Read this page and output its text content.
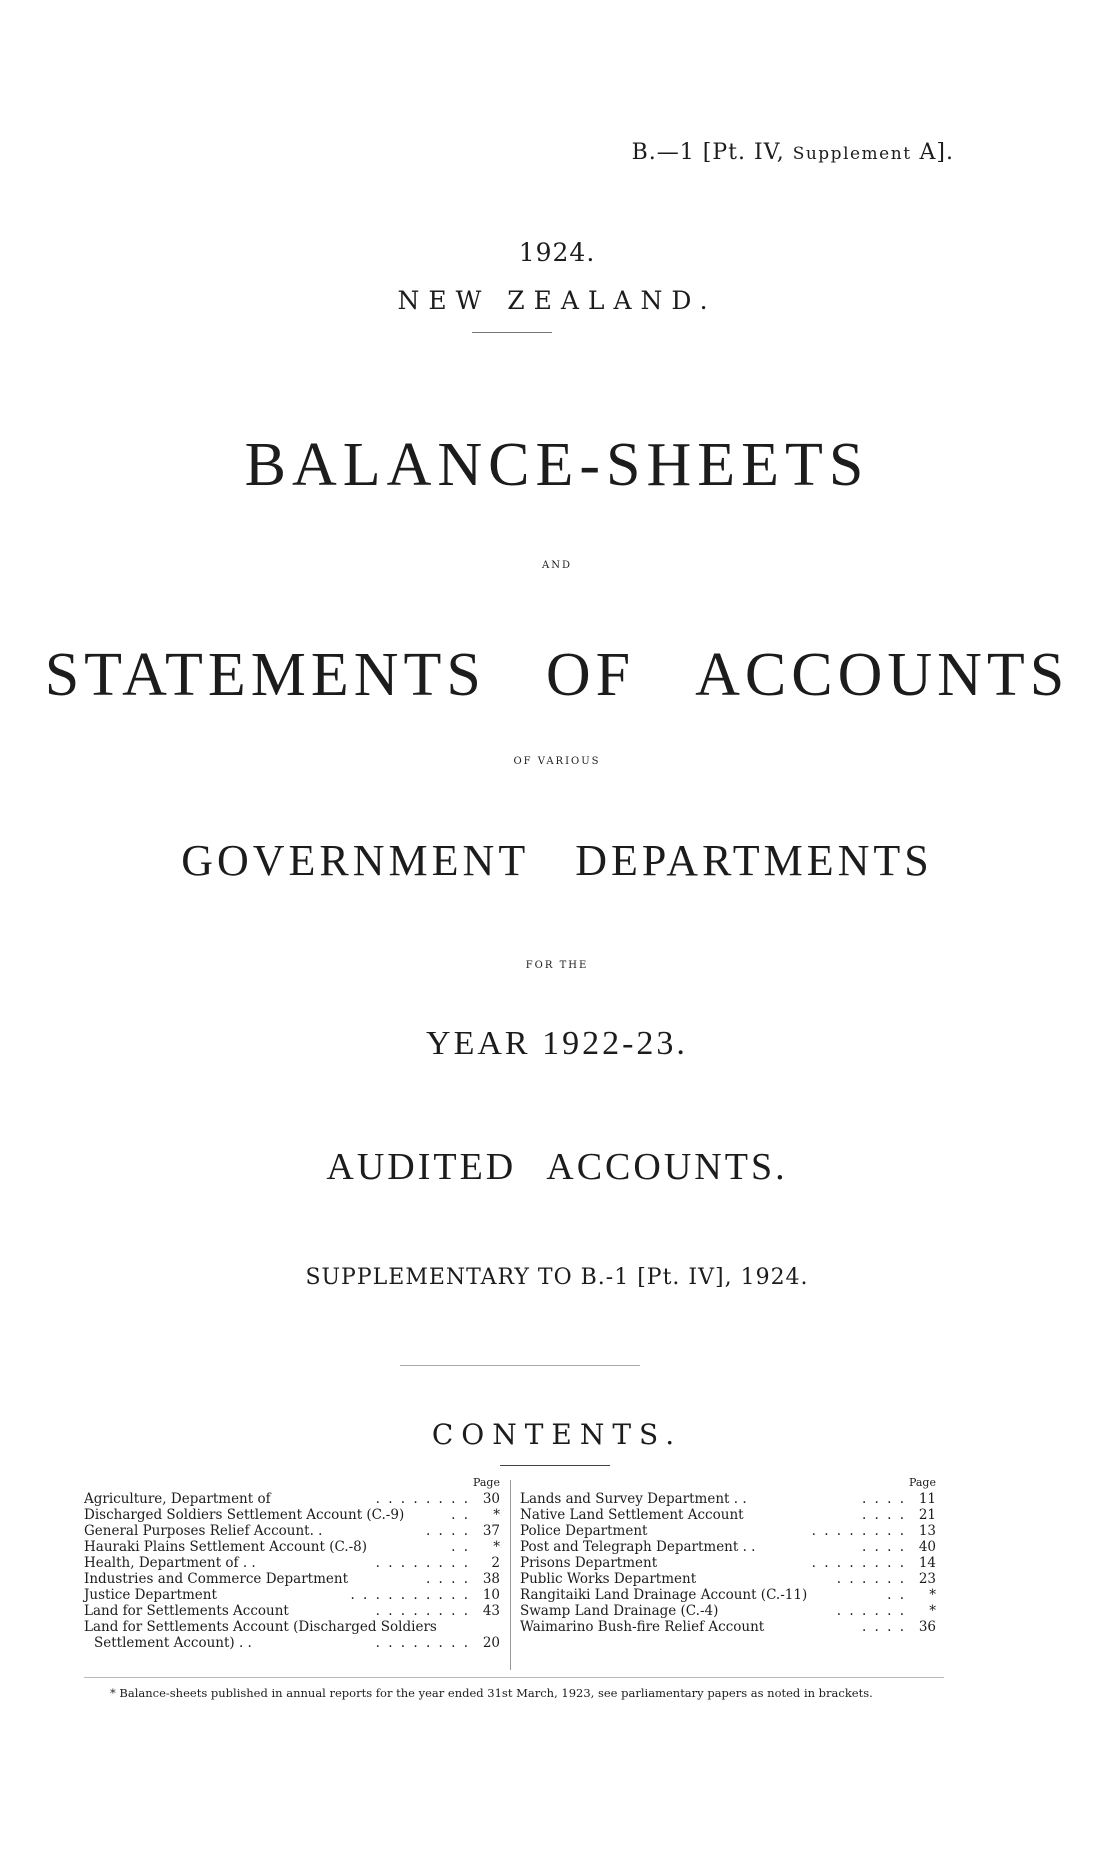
B.—1 [Pt. IV, Supplement A].
1924.
NEW ZEALAND.
BALANCE-SHEETS
AND
STATEMENTS OF ACCOUNTS
OF VARIOUS
GOVERNMENT DEPARTMENTS
FOR THE
YEAR 1922-23.
AUDITED ACCOUNTS.
SUPPLEMENTARY TO B.-1 [Pt. IV], 1924.
CONTENTS.
Page
Agriculture, Department of	. . . . . . . . 30
Discharged Soldiers Settlement Account (C.-9)	. .	*
General Purposes Relief Account. .	. . . . 37
Hauraki Plains Settlement Account (C.-8)	. .	*
Health, Department of . .	. . . . . . . .	2
Industries and Commerce Department	. . . . 38
Justice Department	. . . . . . . . . . 10
Land for Settlements Account	. . . . . . . . 43
Land for Settlements Account (Discharged Soldiers
Settlement Account) . .	. . . . . . . . 20
Page
Lands and Survey Department . .	. . . . 11
Native Land Settlement Account	. . . . 21
Police Department	. . . . . . . . 13
Post and Telegraph Department . .	. . . . 40
Prisons Department	. . . . . . . . 14
Public Works Department	. . . . . . 23
Rangitaiki Land Drainage Account (C.-11)	. .	*
Swamp Land Drainage (C.-4)	. . . . . .	*
Waimarino Bush-fire Relief Account	. . . . 36
* Balance-sheets published in annual reports for the year ended 31st March, 1923, see parliamentary papers as noted in brackets.
